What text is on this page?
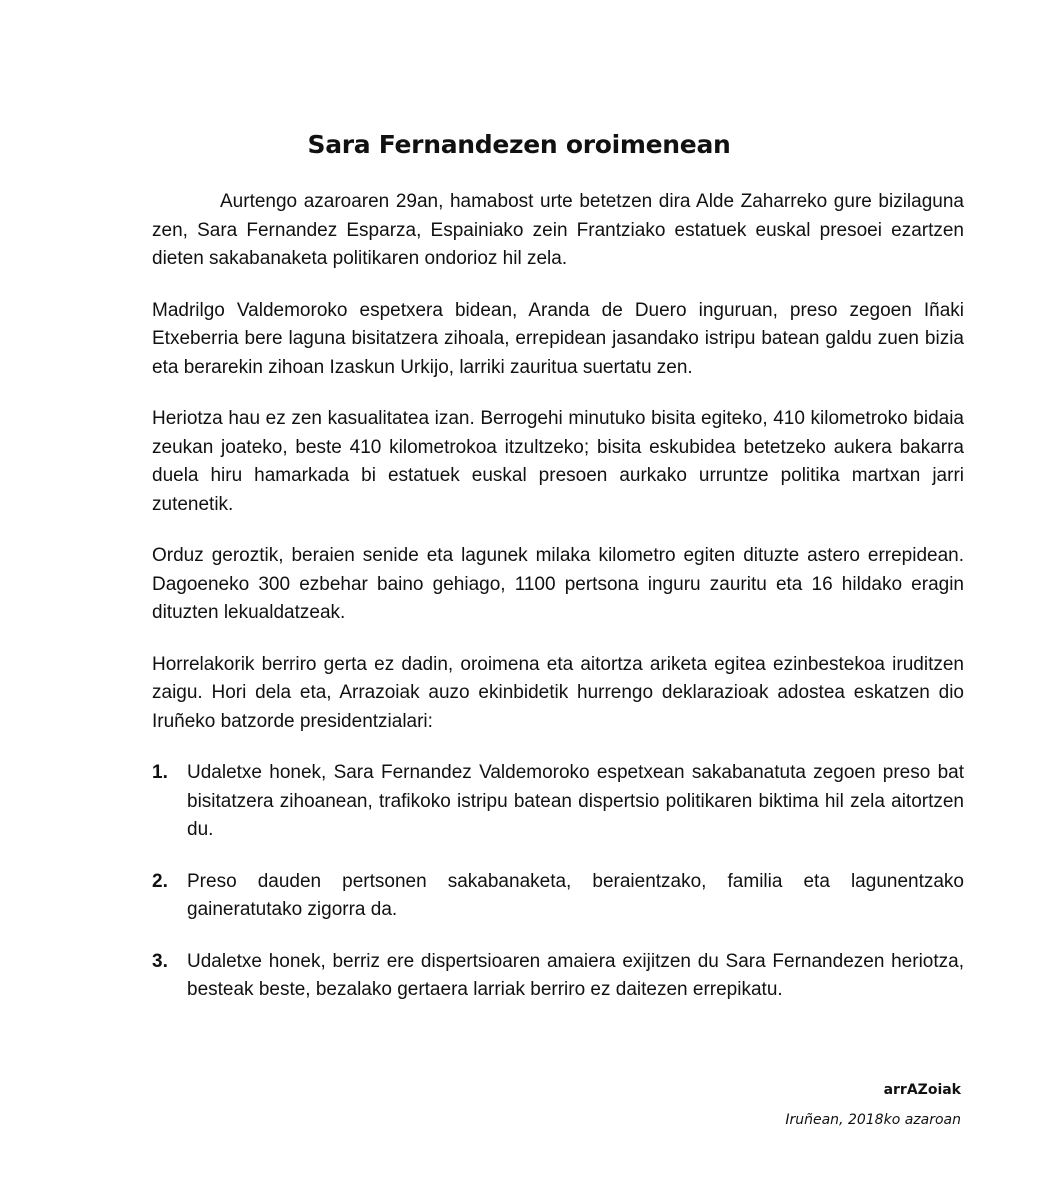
Sara Fernandezen oroimenean

Aurtengo azaroaren 29an, hamabost urte betetzen dira Alde Zaharreko gure bizilaguna zen, Sara Fernandez Esparza, Espainiako zein Frantziako estatuek euskal presoei ezartzen dieten sakabanaketa politikaren ondorioz hil zela.

Madrilgo Valdemoroko espetxera bidean, Aranda de Duero inguruan, preso zegoen Iñaki Etxeberria bere laguna bisitatzera zihoala, errepidean jasandako istripu batean galdu zuen bizia eta berarekin zihoan Izaskun Urkijo, larriki zauritua suertatu zen.

Heriotza hau ez zen kasualitatea izan. Berrogehi minutuko bisita egiteko, 410 kilometroko bidaia zeukan joateko, beste 410 kilometrokoa itzultzeko; bisita eskubidea betetzeko aukera bakarra duela hiru hamarkada bi estatuek euskal presoen aurkako urruntze politika martxan jarri zutenetik.

Orduz geroztik, beraien senide eta lagunek milaka kilometro egiten dituzte astero errepidean. Dagoeneko 300 ezbehar baino gehiago, 1100 pertsona inguru zauritu eta 16 hildako eragin dituzten lekualdatzeak.

Horrelakorik berriro gerta ez dadin, oroimena eta aitortza ariketa egitea ezinbestekoa iruditzen zaigu. Hori dela eta, Arrazoiak auzo ekinbidetik hurrengo deklarazioak adostea eskatzen dio Iruñeko batzorde presidentzialari:

1. Udaletxe honek, Sara Fernandez Valdemoroko espetxean sakabanatuta zegoen preso bat bisitatzera zihoanean, trafikoko istripu batean dispertsio politikaren biktima hil zela aitortzen du.
2. Preso dauden pertsonen sakabanaketa, beraientzako, familia eta lagunentzako gaineratutako zigorra da.
3. Udaletxe honek, berriz ere dispertsioaren amaiera exijitzen du Sara Fernandezen heriotza, besteak beste, bezalako gertaera larriak berriro ez daitezen errepikatu.

arrAZoiak

Iruñean, 2018ko azaroan
